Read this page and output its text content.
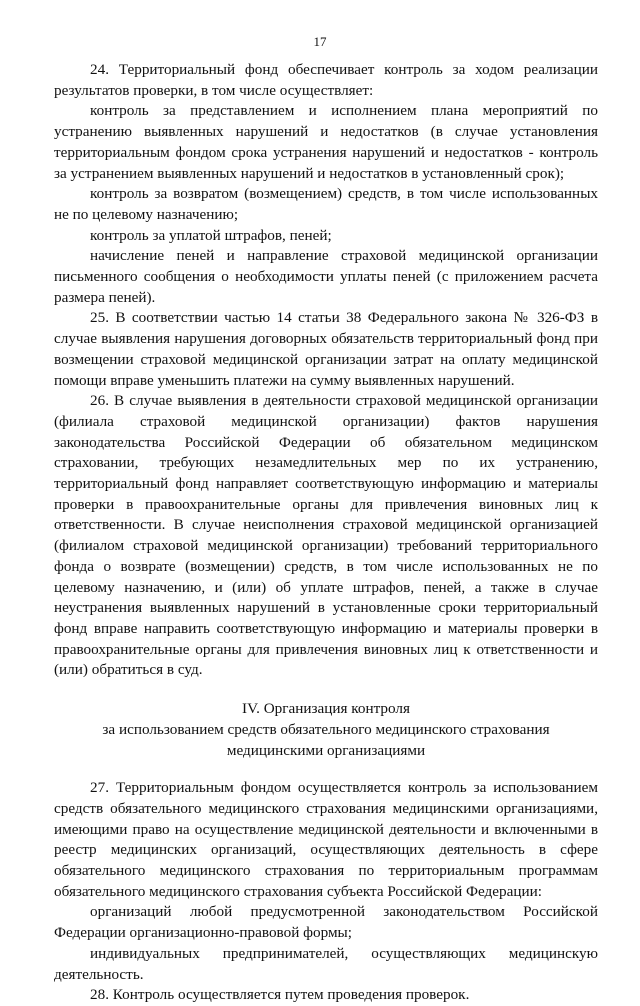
17

24. Территориальный фонд обеспечивает контроль за ходом реализации результатов проверки, в том числе осуществляет:

контроль за представлением и исполнением плана мероприятий по устранению выявленных нарушений и недостатков (в случае установления территориальным фондом срока устранения нарушений и недостатков - контроль за устранением выявленных нарушений и недостатков в установленный срок);

контроль за возвратом (возмещением) средств, в том числе использованных не по целевому назначению;

контроль за уплатой штрафов, пеней;

начисление пеней и направление страховой медицинской организации письменного сообщения о необходимости уплаты пеней (с приложением расчета размера пеней).

25. В соответствии частью 14 статьи 38 Федерального закона № 326-ФЗ в случае выявления нарушения договорных обязательств территориальный фонд при возмещении страховой медицинской организации затрат на оплату медицинской помощи вправе уменьшить платежи на сумму выявленных нарушений.

26. В случае выявления в деятельности страховой медицинской организации (филиала страховой медицинской организации) фактов нарушения законодательства Российской Федерации об обязательном медицинском страховании, требующих незамедлительных мер по их устранению, территориальный фонд направляет соответствующую информацию и материалы проверки в правоохранительные органы для привлечения виновных лиц к ответственности. В случае неисполнения страховой медицинской организацией (филиалом страховой медицинской организации) требований территориального фонда о возврате (возмещении) средств, в том числе использованных не по целевому назначению, и (или) об уплате штрафов, пеней, а также в случае неустранения выявленных нарушений в установленные сроки территориальный фонд вправе направить соответствующую информацию и материалы проверки в правоохранительные органы для привлечения виновных лиц к ответственности и (или) обратиться в суд.

IV. Организация контроля
за использованием средств обязательного медицинского страхования
медицинскими организациями

27. Территориальным фондом осуществляется контроль за использованием средств обязательного медицинского страхования медицинскими организациями, имеющими право на осуществление медицинской деятельности и включенными в реестр медицинских организаций, осуществляющих деятельность в сфере обязательного медицинского страхования по территориальным программам обязательного медицинского страхования субъекта Российской Федерации:

организаций любой предусмотренной законодательством Российской Федерации организационно-правовой формы;

индивидуальных предпринимателей, осуществляющих медицинскую деятельность.

28. Контроль осуществляется путем проведения проверок.
